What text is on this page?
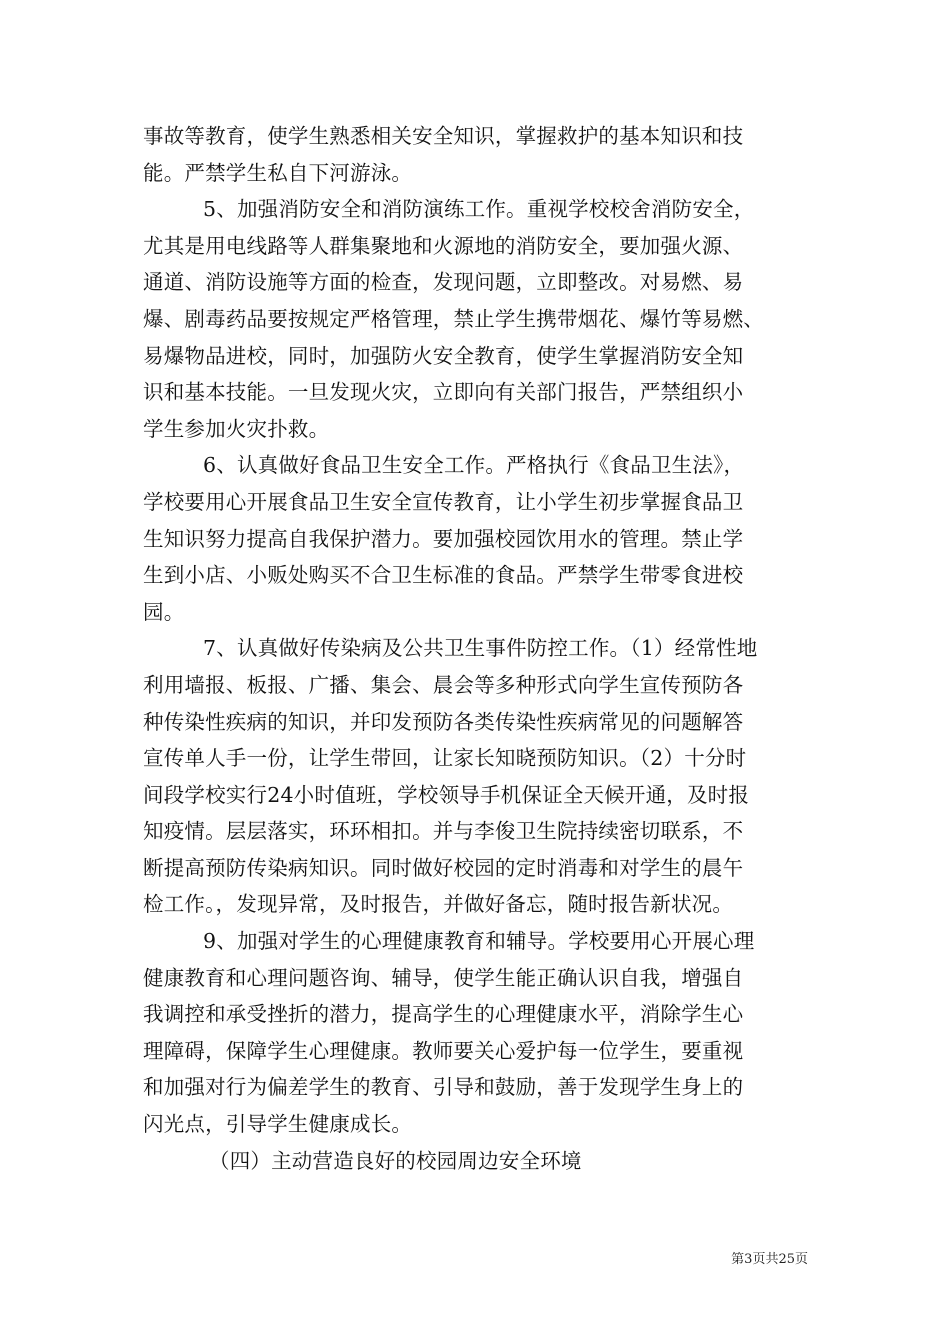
事故等教育，使学生熟悉相关安全知识，掌握救护的基本知识和技
能。严禁学生私自下河游泳。
5、加强消防安全和消防演练工作。重视学校校舍消防安全，
尤其是用电线路等人群集聚地和火源地的消防安全，要加强火源、
通道、消防设施等方面的检查，发现问题，立即整改。对易燃、易
爆、剧毒药品要按规定严格管理，禁止学生携带烟花、爆竹等易燃、
易爆物品进校，同时，加强防火安全教育，使学生掌握消防安全知
识和基本技能。一旦发现火灾，立即向有关部门报告，严禁组织小
学生参加火灾扑救。
6、认真做好食品卫生安全工作。严格执行《食品卫生法》，
学校要用心开展食品卫生安全宣传教育，让小学生初步掌握食品卫
生知识努力提高自我保护潜力。要加强校园饮用水的管理。禁止学
生到小店、小贩处购买不合卫生标准的食品。严禁学生带零食进校
园。
7、认真做好传染病及公共卫生事件防控工作。（1）经常性地
利用墙报、板报、广播、集会、晨会等多种形式向学生宣传预防各
种传染性疾病的知识，并印发预防各类传染性疾病常见的问题解答
宣传单人手一份，让学生带回，让家长知晓预防知识。（2）十分时
间段学校实行24小时值班，学校领导手机保证全天候开通，及时报
知疫情。层层落实，环环相扣。并与李俊卫生院持续密切联系，不
断提高预防传染病知识。同时做好校园的定时消毒和对学生的晨午
检工作。，发现异常，及时报告，并做好备忘，随时报告新状况。
9、加强对学生的心理健康教育和辅导。学校要用心开展心理
健康教育和心理问题咨询、辅导，使学生能正确认识自我，增强自
我调控和承受挫折的潜力，提高学生的心理健康水平，消除学生心
理障碍，保障学生心理健康。教师要关心爱护每一位学生，要重视
和加强对行为偏差学生的教育、引导和鼓励，善于发现学生身上的
闪光点，引导学生健康成长。
（四）主动营造良好的校园周边安全环境
第3页共25页
